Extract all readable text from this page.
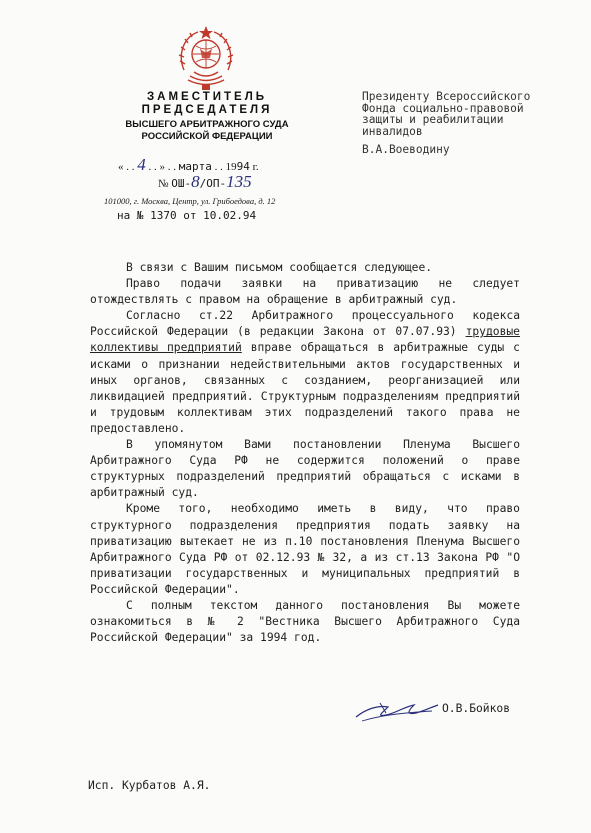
ЗАМЕСТИТЕЛЬ
ПРЕДСЕДАТЕЛЯ
ВЫСШЕГО АРБИТРАЖНОГО СУДА
РОССИЙСКОЙ ФЕДЕРАЦИИ
« . . 4 . . » . . марта . . 1994 г.
№ ОШ-8/ОП-135
101000, г. Москва, Центр, ул. Грибоедова, д. 12
на № 1370 от 10.02.94
Президенту Всероссийского
Фонда социально-правовой
защиты и реабилитации
инвалидов
В.А.Воеводину

В связи с Вашим письмом сообщается следующее.

Право подачи заявки на приватизацию не следует отождествлять с правом на обращение в арбитражный суд.

Согласно ст.22 Арбитражного процессуального кодекса Российской Федерации (в редакции Закона от 07.07.93) трудовые коллективы предприятий вправе обращаться в арбитражные суды с исками о признании недействительными актов государственных и иных органов, связанных с созданием, реорганизацией или ликвидацией предприятий. Структурным подразделениям предприятий и трудовым коллективам этих подразделений такого права не предоставлено.

В упомянутом Вами постановлении Пленума Высшего Арбитражного Суда РФ не содержится положений о праве структурных подразделений предприятий обращаться с исками в арбитражный суд.

Кроме того, необходимо иметь в виду, что право структурного подразделения предприятия подать заявку на приватизацию вытекает не из п.10 постановления Пленума Высшего Арбитражного Суда РФ от 02.12.93 № 32, а из ст.13 Закона РФ "О приватизации государственных и муниципальных предприятий в Российской Федерации".

С полным текстом данного постановления Вы можете ознакомиться в № 2 "Вестника Высшего Арбитражного Суда Российской Федерации" за 1994 год.

О.В.Бойков
Исп. Курбатов А.Я.
